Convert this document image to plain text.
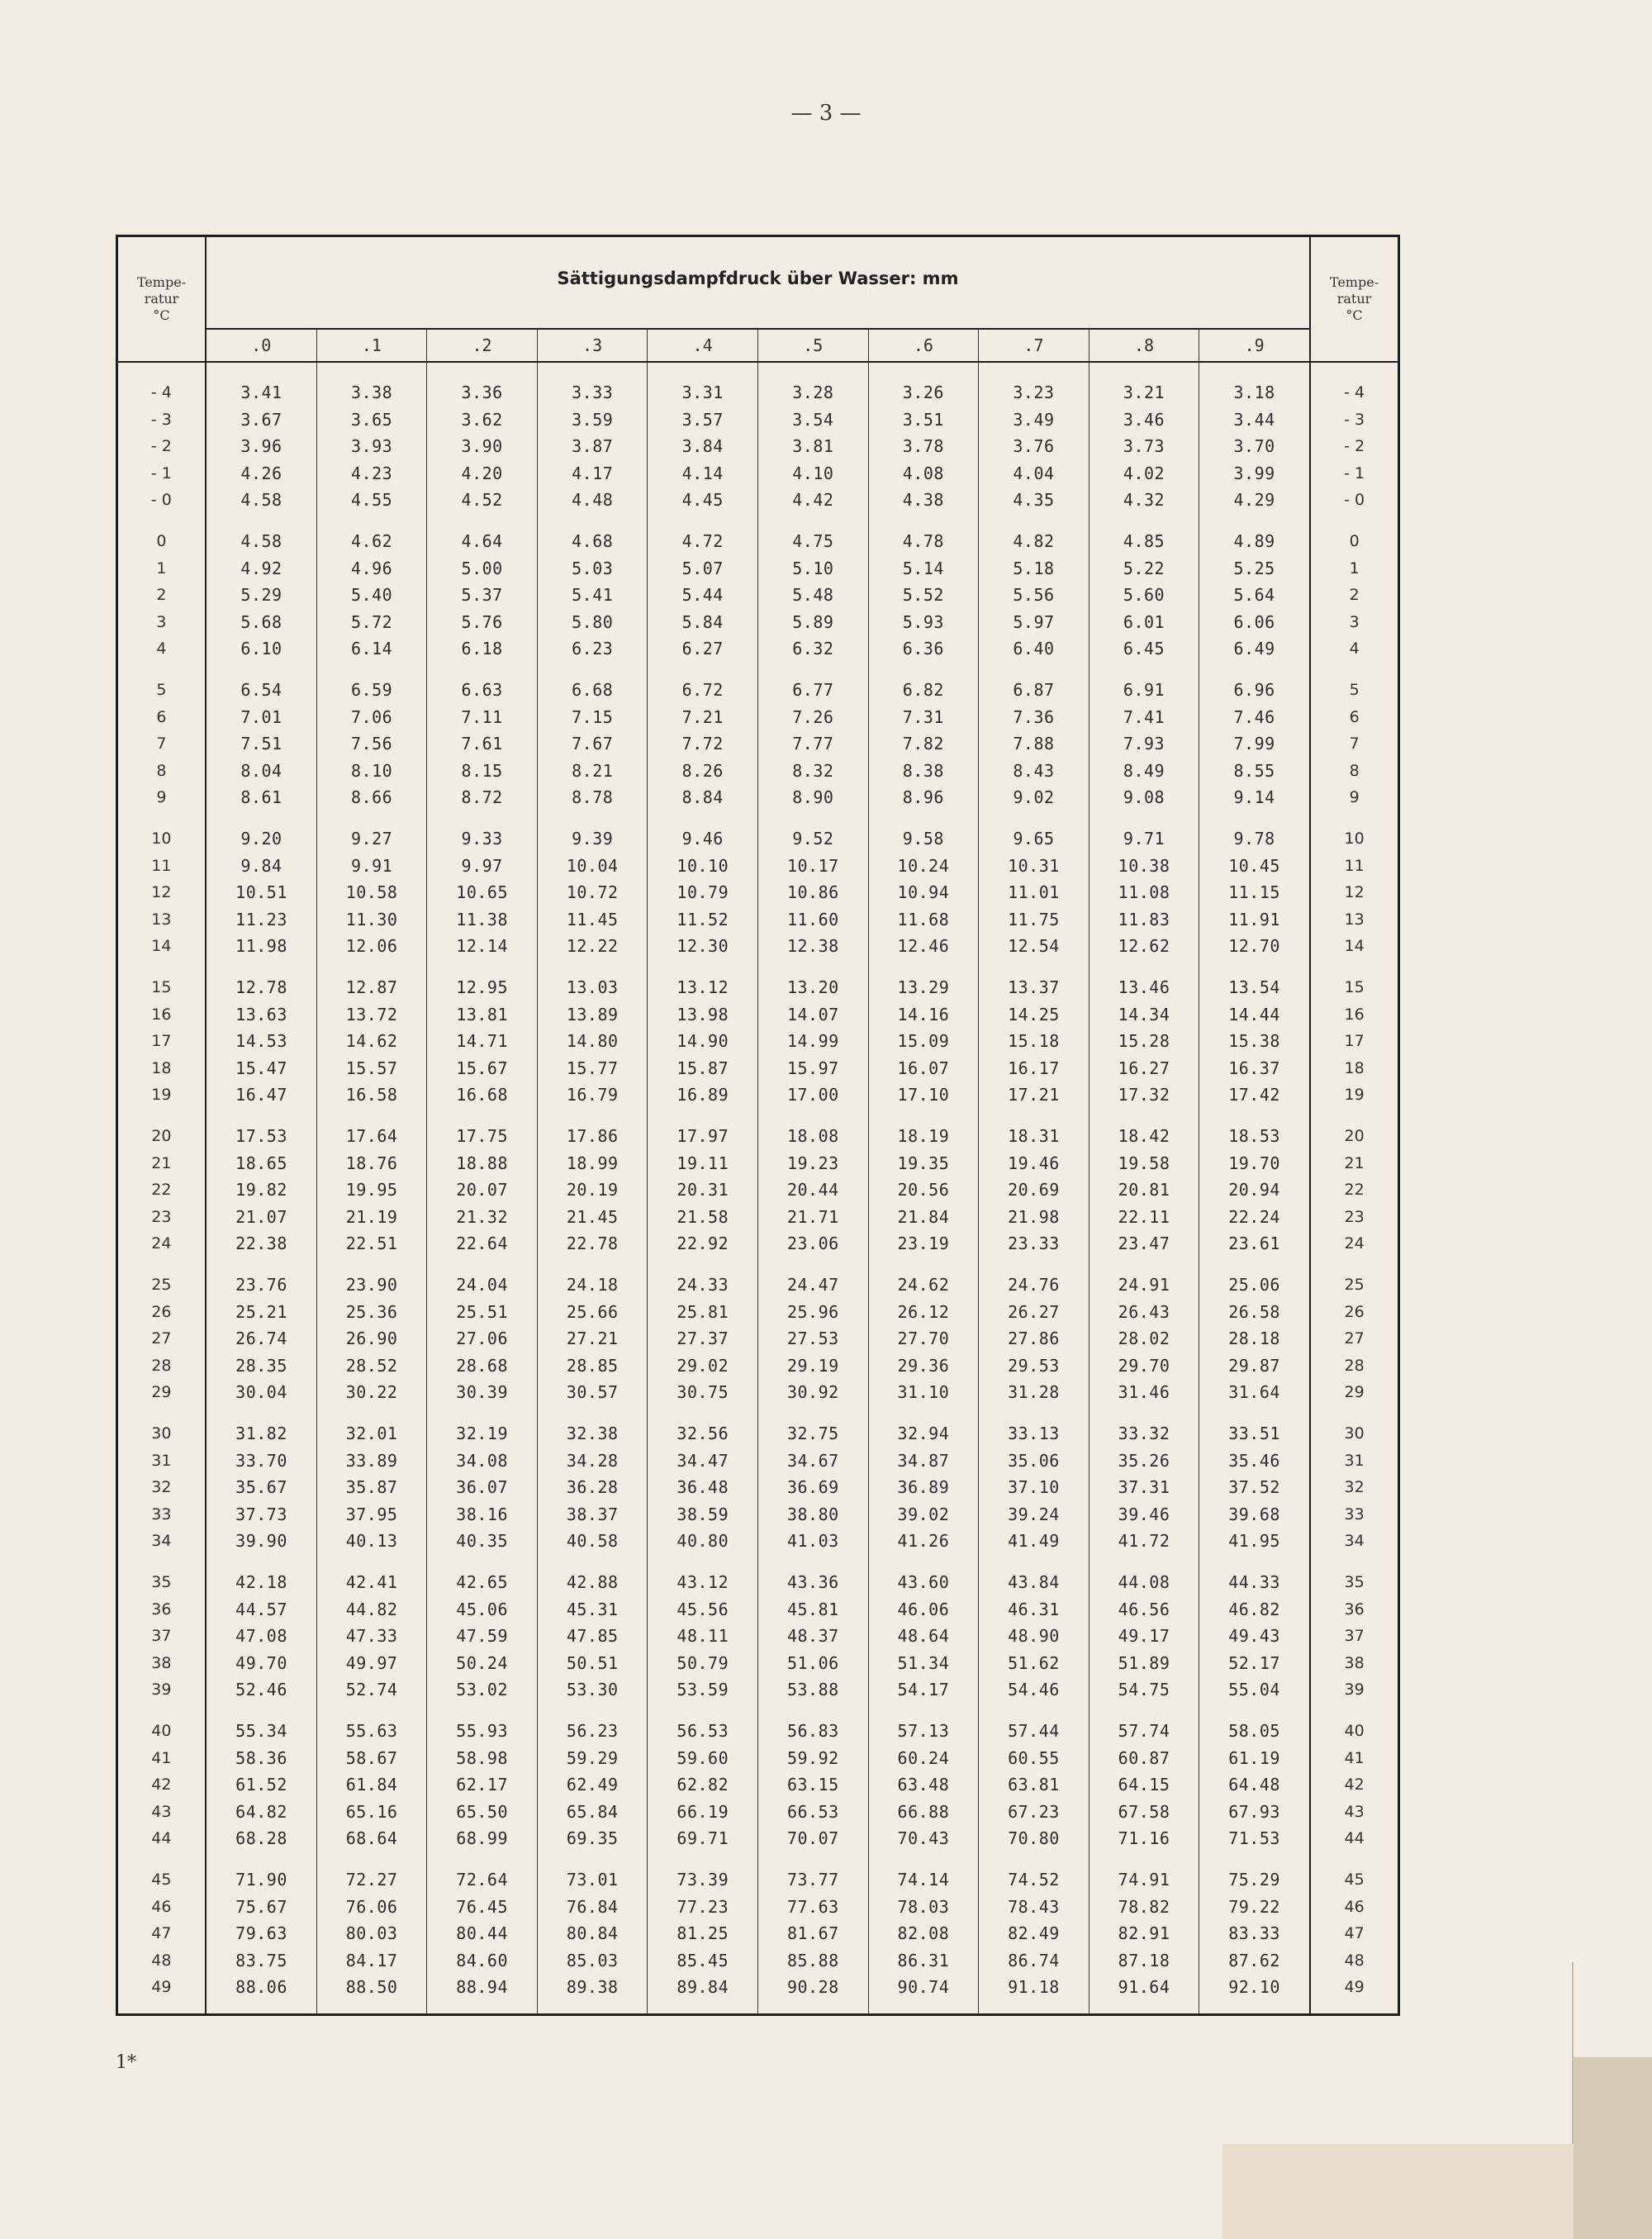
— 3 —
Tempe-
ratur
°C
Sättigungsdampfdruck über Wasser: mm	Tempe-
ratur
°C
.0	.1	.2	.3	.4	.5	.6	.7	.8	.9
- 4	3.41	3.38	3.36	3.33	3.31	3.28	3.26	3.23	3.21	3.18	- 4
- 3	3.67	3.65	3.62	3.59	3.57	3.54	3.51	3.49	3.46	3.44	- 3
- 2	3.96	3.93	3.90	3.87	3.84	3.81	3.78	3.76	3.73	3.70	- 2
- 1	4.26	4.23	4.20	4.17	4.14	4.10	4.08	4.04	4.02	3.99	- 1
- 0	4.58	4.55	4.52	4.48	4.45	4.42	4.38	4.35	4.32	4.29	- 0
0	4.58	4.62	4.64	4.68	4.72	4.75	4.78	4.82	4.85	4.89	0
1	4.92	4.96	5.00	5.03	5.07	5.10	5.14	5.18	5.22	5.25	1
2	5.29	5.40	5.37	5.41	5.44	5.48	5.52	5.56	5.60	5.64	2
3	5.68	5.72	5.76	5.80	5.84	5.89	5.93	5.97	6.01	6.06	3
4	6.10	6.14	6.18	6.23	6.27	6.32	6.36	6.40	6.45	6.49	4
5	6.54	6.59	6.63	6.68	6.72	6.77	6.82	6.87	6.91	6.96	5
6	7.01	7.06	7.11	7.15	7.21	7.26	7.31	7.36	7.41	7.46	6
7	7.51	7.56	7.61	7.67	7.72	7.77	7.82	7.88	7.93	7.99	7
8	8.04	8.10	8.15	8.21	8.26	8.32	8.38	8.43	8.49	8.55	8
9	8.61	8.66	8.72	8.78	8.84	8.90	8.96	9.02	9.08	9.14	9
10	9.20	9.27	9.33	9.39	9.46	9.52	9.58	9.65	9.71	9.78	10
11	9.84	9.91	9.97	10.04	10.10	10.17	10.24	10.31	10.38	10.45	11
12	10.51	10.58	10.65	10.72	10.79	10.86	10.94	11.01	11.08	11.15	12
13	11.23	11.30	11.38	11.45	11.52	11.60	11.68	11.75	11.83	11.91	13
14	11.98	12.06	12.14	12.22	12.30	12.38	12.46	12.54	12.62	12.70	14
15	12.78	12.87	12.95	13.03	13.12	13.20	13.29	13.37	13.46	13.54	15
16	13.63	13.72	13.81	13.89	13.98	14.07	14.16	14.25	14.34	14.44	16
17	14.53	14.62	14.71	14.80	14.90	14.99	15.09	15.18	15.28	15.38	17
18	15.47	15.57	15.67	15.77	15.87	15.97	16.07	16.17	16.27	16.37	18
19	16.47	16.58	16.68	16.79	16.89	17.00	17.10	17.21	17.32	17.42	19
20	17.53	17.64	17.75	17.86	17.97	18.08	18.19	18.31	18.42	18.53	20
21	18.65	18.76	18.88	18.99	19.11	19.23	19.35	19.46	19.58	19.70	21
22	19.82	19.95	20.07	20.19	20.31	20.44	20.56	20.69	20.81	20.94	22
23	21.07	21.19	21.32	21.45	21.58	21.71	21.84	21.98	22.11	22.24	23
24	22.38	22.51	22.64	22.78	22.92	23.06	23.19	23.33	23.47	23.61	24
25	23.76	23.90	24.04	24.18	24.33	24.47	24.62	24.76	24.91	25.06	25
26	25.21	25.36	25.51	25.66	25.81	25.96	26.12	26.27	26.43	26.58	26
27	26.74	26.90	27.06	27.21	27.37	27.53	27.70	27.86	28.02	28.18	27
28	28.35	28.52	28.68	28.85	29.02	29.19	29.36	29.53	29.70	29.87	28
29	30.04	30.22	30.39	30.57	30.75	30.92	31.10	31.28	31.46	31.64	29
30	31.82	32.01	32.19	32.38	32.56	32.75	32.94	33.13	33.32	33.51	30
31	33.70	33.89	34.08	34.28	34.47	34.67	34.87	35.06	35.26	35.46	31
32	35.67	35.87	36.07	36.28	36.48	36.69	36.89	37.10	37.31	37.52	32
33	37.73	37.95	38.16	38.37	38.59	38.80	39.02	39.24	39.46	39.68	33
34	39.90	40.13	40.35	40.58	40.80	41.03	41.26	41.49	41.72	41.95	34
35	42.18	42.41	42.65	42.88	43.12	43.36	43.60	43.84	44.08	44.33	35
36	44.57	44.82	45.06	45.31	45.56	45.81	46.06	46.31	46.56	46.82	36
37	47.08	47.33	47.59	47.85	48.11	48.37	48.64	48.90	49.17	49.43	37
38	49.70	49.97	50.24	50.51	50.79	51.06	51.34	51.62	51.89	52.17	38
39	52.46	52.74	53.02	53.30	53.59	53.88	54.17	54.46	54.75	55.04	39
40	55.34	55.63	55.93	56.23	56.53	56.83	57.13	57.44	57.74	58.05	40
41	58.36	58.67	58.98	59.29	59.60	59.92	60.24	60.55	60.87	61.19	41
42	61.52	61.84	62.17	62.49	62.82	63.15	63.48	63.81	64.15	64.48	42
43	64.82	65.16	65.50	65.84	66.19	66.53	66.88	67.23	67.58	67.93	43
44	68.28	68.64	68.99	69.35	69.71	70.07	70.43	70.80	71.16	71.53	44
45	71.90	72.27	72.64	73.01	73.39	73.77	74.14	74.52	74.91	75.29	45
46	75.67	76.06	76.45	76.84	77.23	77.63	78.03	78.43	78.82	79.22	46
47	79.63	80.03	80.44	80.84	81.25	81.67	82.08	82.49	82.91	83.33	47
48	83.75	84.17	84.60	85.03	85.45	85.88	86.31	86.74	87.18	87.62	48
49	88.06	88.50	88.94	89.38	89.84	90.28	90.74	91.18	91.64	92.10	49
1*
